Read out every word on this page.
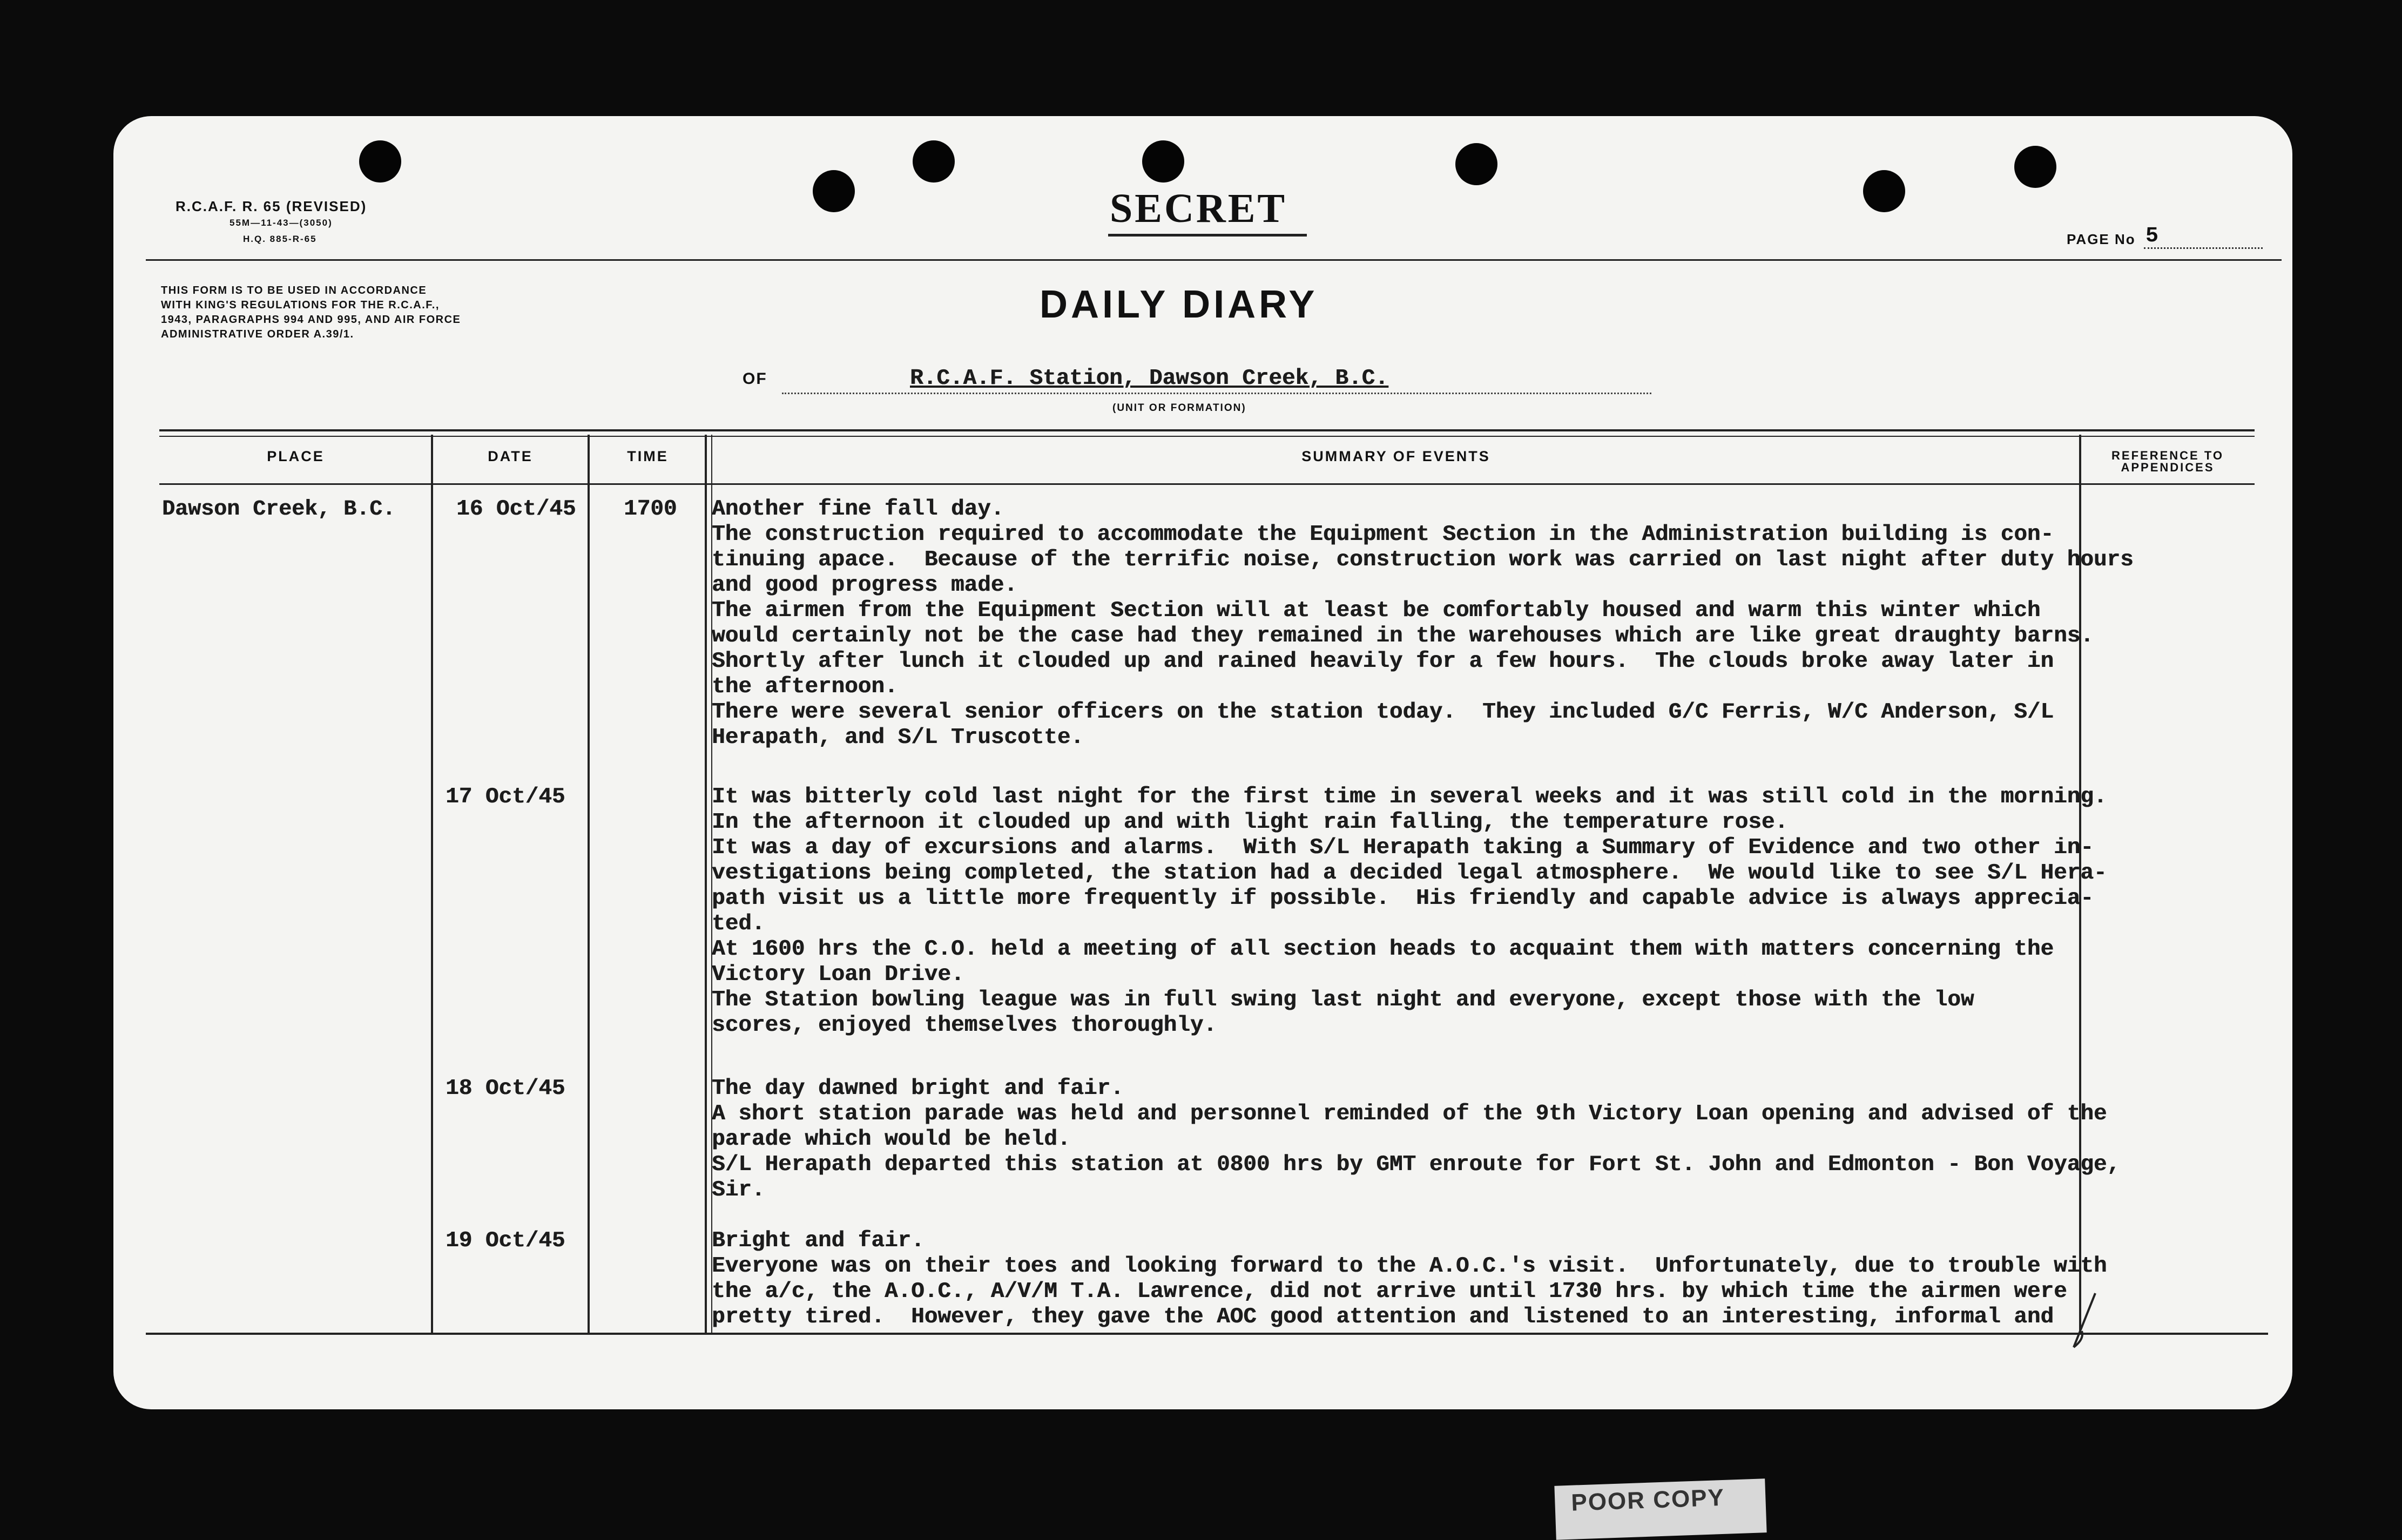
R.C.A.F. R. 65 (REVISED)
55M—11-43—(3050)
H.Q. 885-R-65
SECRET
PAGE No 5
THIS FORM IS TO BE USED IN ACCORDANCE
WITH KING'S REGULATIONS FOR THE R.C.A.F.,
1943, PARAGRAPHS 994 AND 995, AND AIR FORCE
ADMINISTRATIVE ORDER A.39/1.
DAILY DIARY
OF	R.C.A.F. Station, Dawson Creek, B.C.
(UNIT OR FORMATION)
PLACE	DATE	TIME	SUMMARY OF EVENTS	REFERENCE TO
APPENDICES
Dawson Creek, B.C.	16 Oct/45 1700 Another fine fall day.
The construction required to accommodate the Equipment Section in the Administration building is con-
tinuing apace.  Because of the terrific noise, construction work was carried on last night after duty hours
and good progress made.
The airmen from the Equipment Section will at least be comfortably housed and warm this winter which
would certainly not be the case had they remained in the warehouses which are like great draughty barns.
Shortly after lunch it clouded up and rained heavily for a few hours.  The clouds broke away later in
the afternoon.
There were several senior officers on the station today.  They included G/C Ferris, W/C Anderson, S/L
Herapath, and S/L Truscotte.
17 Oct/45	It was bitterly cold last night for the first time in several weeks and it was still cold in the morning.
In the afternoon it clouded up and with light rain falling, the temperature rose.
It was a day of excursions and alarms.  With S/L Herapath taking a Summary of Evidence and two other in-
vestigations being completed, the station had a decided legal atmosphere.  We would like to see S/L Hera-
path visit us a little more frequently if possible.  His friendly and capable advice is always apprecia-
ted.
At 1600 hrs the C.O. held a meeting of all section heads to acquaint them with matters concerning the
Victory Loan Drive.
The Station bowling league was in full swing last night and everyone, except those with the low
scores, enjoyed themselves thoroughly.
18 Oct/45	The day dawned bright and fair.
A short station parade was held and personnel reminded of the 9th Victory Loan opening and advised of the
parade which would be held.
S/L Herapath departed this station at 0800 hrs by GMT enroute for Fort St. John and Edmonton - Bon Voyage,
Sir.
19 Oct/45	Bright and fair.
Everyone was on their toes and looking forward to the A.O.C.'s visit.  Unfortunately, due to trouble with
the a/c, the A.O.C., A/V/M T.A. Lawrence, did not arrive until 1730 hrs. by which time the airmen were
pretty tired.  However, they gave the AOC good attention and listened to an interesting, informal and
POOR COPY
